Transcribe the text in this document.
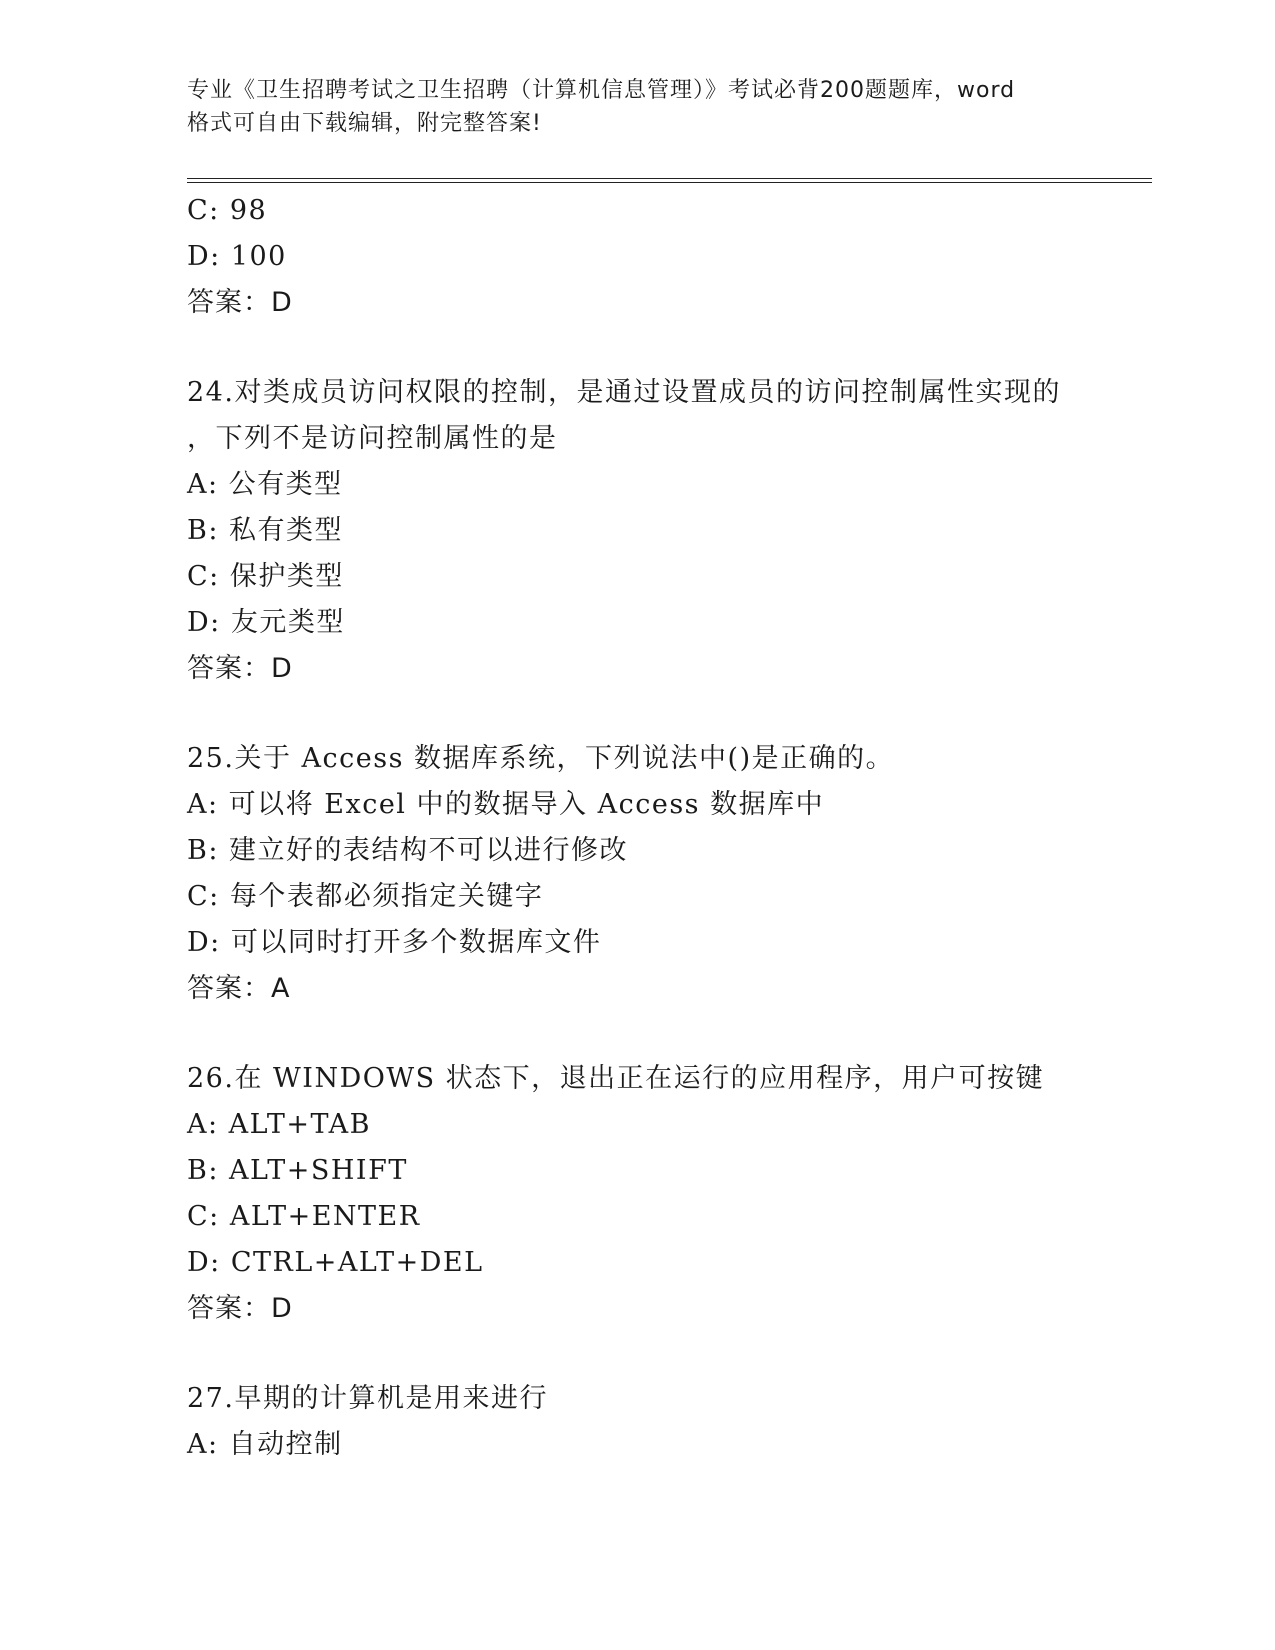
专业《卫生招聘考试之卫生招聘（计算机信息管理）》考试必背200题题库，word
格式可自由下载编辑，附完整答案!
C: 98
D: 100
答案：D
24.对类成员访问权限的控制，是通过设置成员的访问控制属性实现的
，下列不是访问控制属性的是
A: 公有类型
B: 私有类型
C: 保护类型
D: 友元类型
答案：D
25.关于 Access 数据库系统，下列说法中()是正确的。
A: 可以将 Excel 中的数据导入 Access 数据库中
B: 建立好的表结构不可以进行修改
C: 每个表都必须指定关键字
D: 可以同时打开多个数据库文件
答案：A
26.在 WINDOWS 状态下，退出正在运行的应用程序，用户可按键
A: ALT+TAB
B: ALT+SHIFT
C: ALT+ENTER
D: CTRL+ALT+DEL
答案：D
27.早期的计算机是用来进行
A: 自动控制
